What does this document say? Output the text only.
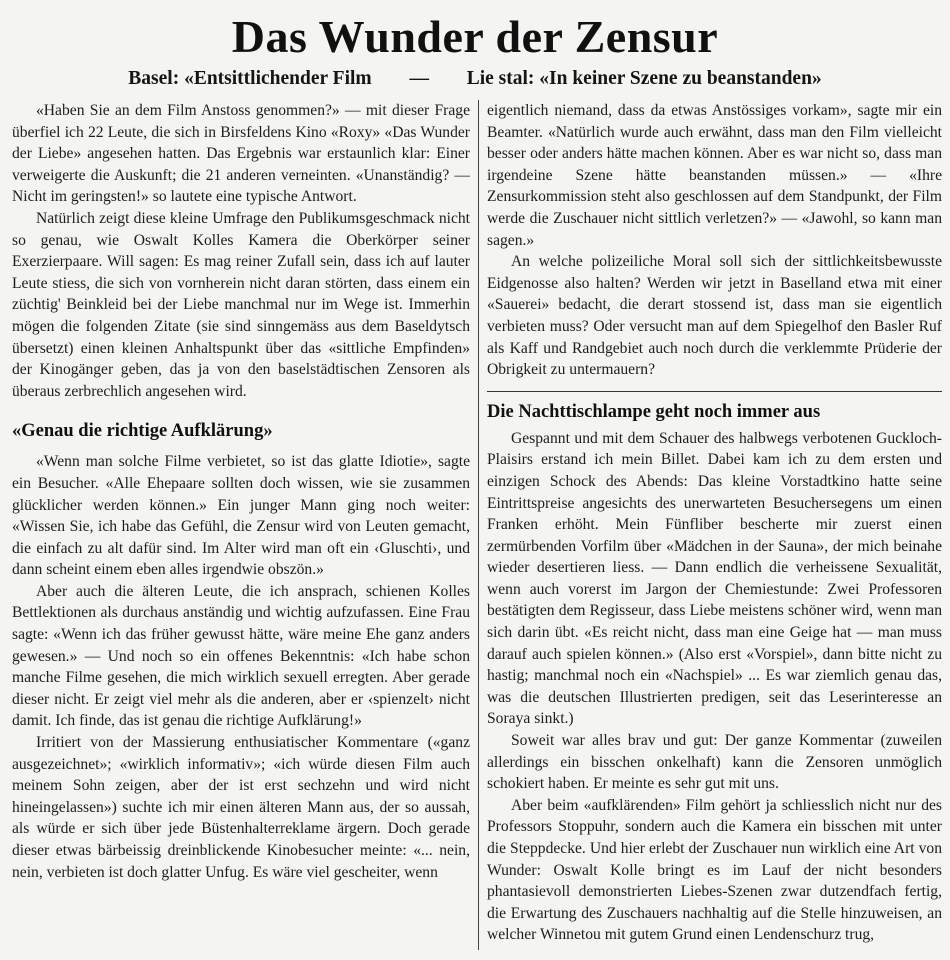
Das Wunder der Zensur
Basel: «Entsittlichender Film — Lie stal: «In keiner Szene zu beanstanden»

«Haben Sie an dem Film Anstoss genommen?» — mit dieser Frage überfiel ich 22 Leute, die sich in Birsfeldens Kino «Roxy» «Das Wunder der Liebe» angesehen hatten. Das Ergebnis war erstaunlich klar: Einer verweigerte die Auskunft; die 21 anderen verneinten. «Unanständig? — Nicht im geringsten!» so lautete eine typische Antwort.

Natürlich zeigt diese kleine Umfrage den Publikumsgeschmack nicht so genau, wie Oswalt Kolles Kamera die Oberkörper seiner Exerzierpaare. Will sagen: Es mag reiner Zufall sein, dass ich auf lauter Leute stiess, die sich von vornherein nicht daran störten, dass einem ein züchtig' Beinkleid bei der Liebe manchmal nur im Wege ist. Immerhin mögen die folgenden Zitate (sie sind sinngemäss aus dem Baseldytsch übersetzt) einen kleinen Anhaltspunkt über das «sittliche Empfinden» der Kinogänger geben, das ja von den baselstädtischen Zensoren als überaus zerbrechlich angesehen wird.

«Genau die richtige Aufklärung»

«Wenn man solche Filme verbietet, so ist das glatte Idiotie», sagte ein Besucher. «Alle Ehepaare sollten doch wissen, wie sie zusammen glücklicher werden können.» Ein junger Mann ging noch weiter: «Wissen Sie, ich habe das Gefühl, die Zensur wird von Leuten gemacht, die einfach zu alt dafür sind. Im Alter wird man oft ein ‹Gluschti›, und dann scheint einem eben alles irgendwie obszön.»

Aber auch die älteren Leute, die ich ansprach, schienen Kolles Bettlektionen als durchaus anständig und wichtig aufzufassen. Eine Frau sagte: «Wenn ich das früher gewusst hätte, wäre meine Ehe ganz anders gewesen.» — Und noch so ein offenes Bekenntnis: «Ich habe schon manche Filme gesehen, die mich wirklich sexuell erregten. Aber gerade dieser nicht. Er zeigt viel mehr als die anderen, aber er ‹spienzelt› nicht damit. Ich finde, das ist genau die richtige Aufklärung!»

Irritiert von der Massierung enthusiatischer Kommentare («ganz ausgezeichnet»; «wirklich informativ»; «ich würde diesen Film auch meinem Sohn zeigen, aber der ist erst sechzehn und wird nicht hineingelassen») suchte ich mir einen älteren Mann aus, der so aussah, als würde er sich über jede Büstenhalterreklame ärgern. Doch gerade dieser etwas bärbeissig dreinblickende Kinobesucher meinte: «... nein, nein, verbieten ist doch glatter Unfug. Es wäre viel gescheiter, wenn

eigentlich niemand, dass da etwas Anstössiges vorkam», sagte mir ein Beamter. «Natürlich wurde auch erwähnt, dass man den Film vielleicht besser oder anders hätte machen können. Aber es war nicht so, dass man irgendeine Szene hätte beanstanden müssen.» — «Ihre Zensurkommission steht also geschlossen auf dem Standpunkt, der Film werde die Zuschauer nicht sittlich verletzen?» — «Jawohl, so kann man sagen.»

An welche polizeiliche Moral soll sich der sittlichkeitsbewusste Eidgenosse also halten? Werden wir jetzt in Baselland etwa mit einer «Sauerei» bedacht, die derart stossend ist, dass man sie eigentlich verbieten muss? Oder versucht man auf dem Spiegelhof den Basler Ruf als Kaff und Randgebiet auch noch durch die verklemmte Prüderie der Obrigkeit zu untermauern?

Die Nachttischlampe geht noch immer aus

Gespannt und mit dem Schauer des halbwegs verbotenen Guckloch-Plaisirs erstand ich mein Billet. Dabei kam ich zu dem ersten und einzigen Schock des Abends: Das kleine Vorstadtkino hatte seine Eintrittspreise angesichts des unerwarteten Besuchersegens um einen Franken erhöht. Mein Fünfliber bescherte mir zuerst einen zermürbenden Vorfilm über «Mädchen in der Sauna», der mich beinahe wieder desertieren liess. — Dann endlich die verheissene Sexualität, wenn auch vorerst im Jargon der Chemiestunde: Zwei Professoren bestätigten dem Regisseur, dass Liebe meistens schöner wird, wenn man sich darin übt. «Es reicht nicht, dass man eine Geige hat — man muss darauf auch spielen können.» (Also erst «Vorspiel», dann bitte nicht zu hastig; manchmal noch ein «Nachspiel» ... Es war ziemlich genau das, was die deutschen Illustrierten predigen, seit das Leserinteresse an Soraya sinkt.)

Soweit war alles brav und gut: Der ganze Kommentar (zuweilen allerdings ein bisschen onkelhaft) kann die Zensoren unmöglich schokiert haben. Er meinte es sehr gut mit uns.

Aber beim «aufklärenden» Film gehört ja schliesslich nicht nur des Professors Stoppuhr, sondern auch die Kamera ein bisschen mit unter die Steppdecke. Und hier erlebt der Zuschauer nun wirklich eine Art von Wunder: Oswalt Kolle bringt es im Lauf der nicht besonders phantasievoll demonstrierten Liebes-Szenen zwar dutzendfach fertig, die Erwartung des Zuschauers nachhaltig auf die Stelle hinzuweisen, an welcher Winnetou mit gutem Grund einen Lendenschurz trug,
